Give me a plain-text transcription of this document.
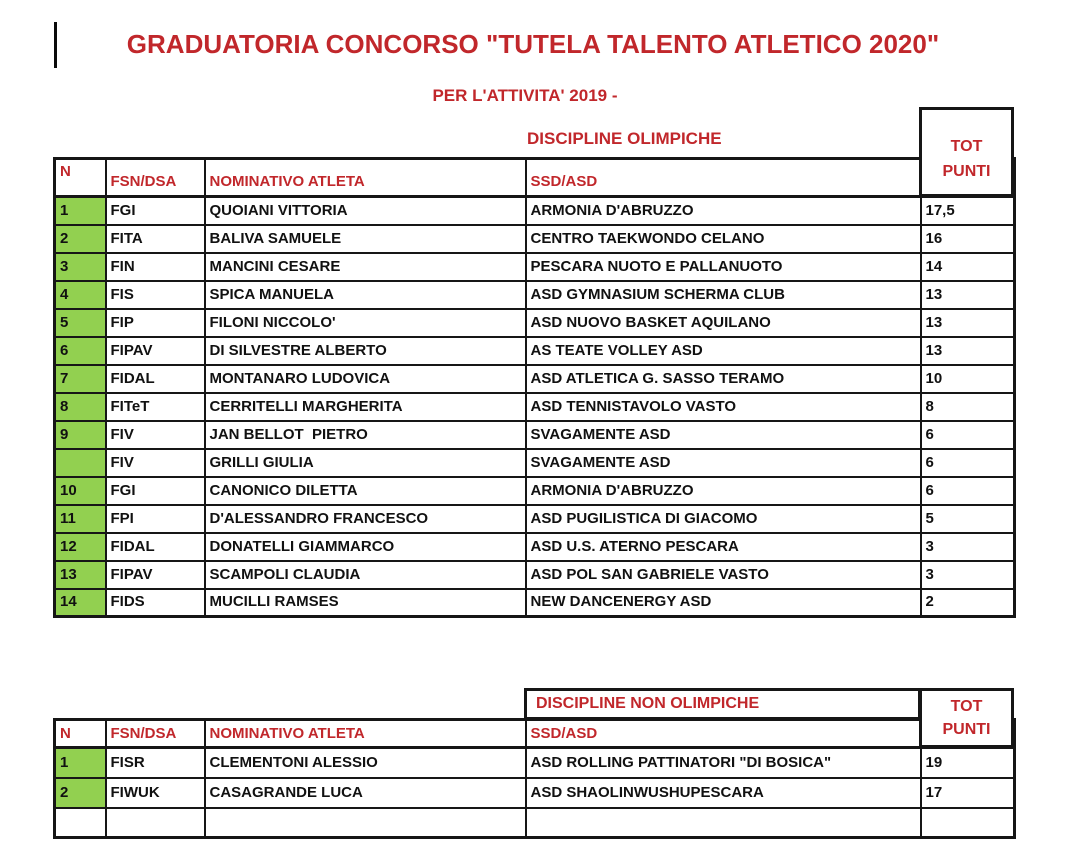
GRADUATORIA CONCORSO "TUTELA TALENTO ATLETICO 2020"
PER L'ATTIVITA' 2019 -
DISCIPLINE OLIMPICHE	TOT
PUNTI
N	FSN/DSA	NOMINATIVO ATLETA	SSD/ASD	
1	FGI	QUOIANI VITTORIA	ARMONIA D'ABRUZZO	17,5
2	FITA	BALIVA SAMUELE	CENTRO TAEKWONDO CELANO	16
3	FIN	MANCINI CESARE	PESCARA NUOTO E PALLANUOTO	14
4	FIS	SPICA MANUELA	ASD GYMNASIUM SCHERMA CLUB	13
5	FIP	FILONI NICCOLO'	ASD NUOVO BASKET AQUILANO	13
6	FIPAV	DI SILVESTRE ALBERTO	AS TEATE VOLLEY ASD	13
7	FIDAL	MONTANARO LUDOVICA	ASD ATLETICA G. SASSO TERAMO	10
8	FITeT	CERRITELLI MARGHERITA	ASD TENNISTAVOLO VASTO	8
9	FIV	JAN BELLOT  PIETRO	SVAGAMENTE ASD	6
	FIV	GRILLI GIULIA	SVAGAMENTE ASD	6
10	FGI	CANONICO DILETTA	ARMONIA D'ABRUZZO	6
11	FPI	D'ALESSANDRO FRANCESCO	ASD PUGILISTICA DI GIACOMO	5
12	FIDAL	DONATELLI GIAMMARCO	ASD U.S. ATERNO PESCARA	3
13	FIPAV	SCAMPOLI CLAUDIA	ASD POL SAN GABRIELE VASTO	3
14	FIDS	MUCILLI RAMSES	NEW DANCENERGY ASD	2
DISCIPLINE NON OLIMPICHE	TOT
PUNTI
N	FSN/DSA	NOMINATIVO ATLETA	SSD/ASD	
1	FISR	CLEMENTONI ALESSIO	ASD ROLLING PATTINATORI "DI BOSICA"	19
2	FIWUK	CASAGRANDE LUCA	ASD SHAOLINWUSHUPESCARA	17
